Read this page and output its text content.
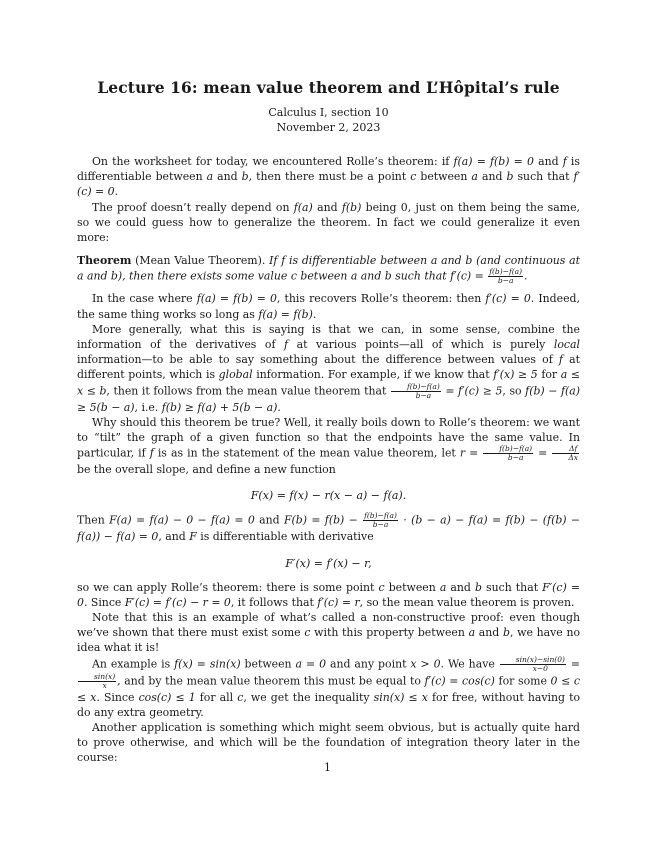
Lecture 16: mean value theorem and L’Hôpital’s rule
Calculus I, section 10
November 2, 2023

On the worksheet for today, we encountered Rolle’s theorem: if f(a) = f(b) = 0 and f is differentiable between a and b, then there must be a point c between a and b such that f′(c) = 0.

The proof doesn’t really depend on f(a) and f(b) being 0, just on them being the same, so we could guess how to generalize the theorem. In fact we could generalize it even more:

Theorem (Mean Value Theorem). If f is differentiable between a and b (and continuous at a and b), then there exists some value c between a and b such that $f'(c) = \frac{f(b)-f(a)}{b-a}$ .

In the case where f(a) = f(b) = 0, this recovers Rolle’s theorem: then f′(c) = 0. Indeed, the same thing works so long as f(a) = f(b).

More generally, what this is saying is that we can, in some sense, combine the information of the derivatives of f at various points—all of which is purely local information—to be able to say something about the difference between values of f at different points, which is global information. For example, if we know that f′(x) ≥ 5 for a ≤ x ≤ b, then it follows from the mean value theorem that $\frac{f(b)-f(a)}{b-a} = f'(c) \ge 5$, so f(b) − f(a) ≥ 5(b − a), i.e. f(b) ≥ f(a) + 5(b − a).

Why should this theorem be true? Well, it really boils down to Rolle’s theorem: we want to “tilt” the graph of a given function so that the endpoints have the same value. In particular, if f is as in the statement of the mean value theorem, let $r = \frac{f(b)-f(a)}{b-a} = \frac{\Delta f}{\Delta x}$
be the overall slope, and define a new function

F(x) = f(x) − r(x − a) − f(a).

Then F(a) = f(a) − 0 − f(a) = 0 and $F(b) = f(b) - \frac{f(b)-f(a)}{b-a} \cdot (b - a) - f(a) = f(b) - (f(b) - f(a)) - f(a) = 0$, and F is differentiable with derivative

F′(x) = f′(x) − r,

so we can apply Rolle’s theorem: there is some point c between a and b such that F′(c) = 0. Since F′(c) = f′(c) − r = 0, it follows that f′(c) = r, so the mean value theorem is proven.

Note that this is an example of what’s called a non-constructive proof: even though we’ve shown that there must exist some c with this property between a and b, we have no idea what it is!

An example is f(x) = sin(x) between a = 0 and any point x > 0. We have $\frac{\sin(x)-\sin(0)}{x-0}$ =
$\frac{\sin(x)}{x}$ , and by the mean value theorem this must be equal to f′(c) = cos(c) for some 0 ≤ c ≤ x. Since cos(c) ≤ 1 for all c, we get the inequality sin(x) ≤ x for free, without having to do any extra geometry.

Another application is something which might seem obvious, but is actually quite hard to prove otherwise, and which will be the foundation of integration theory later in the course:

1
